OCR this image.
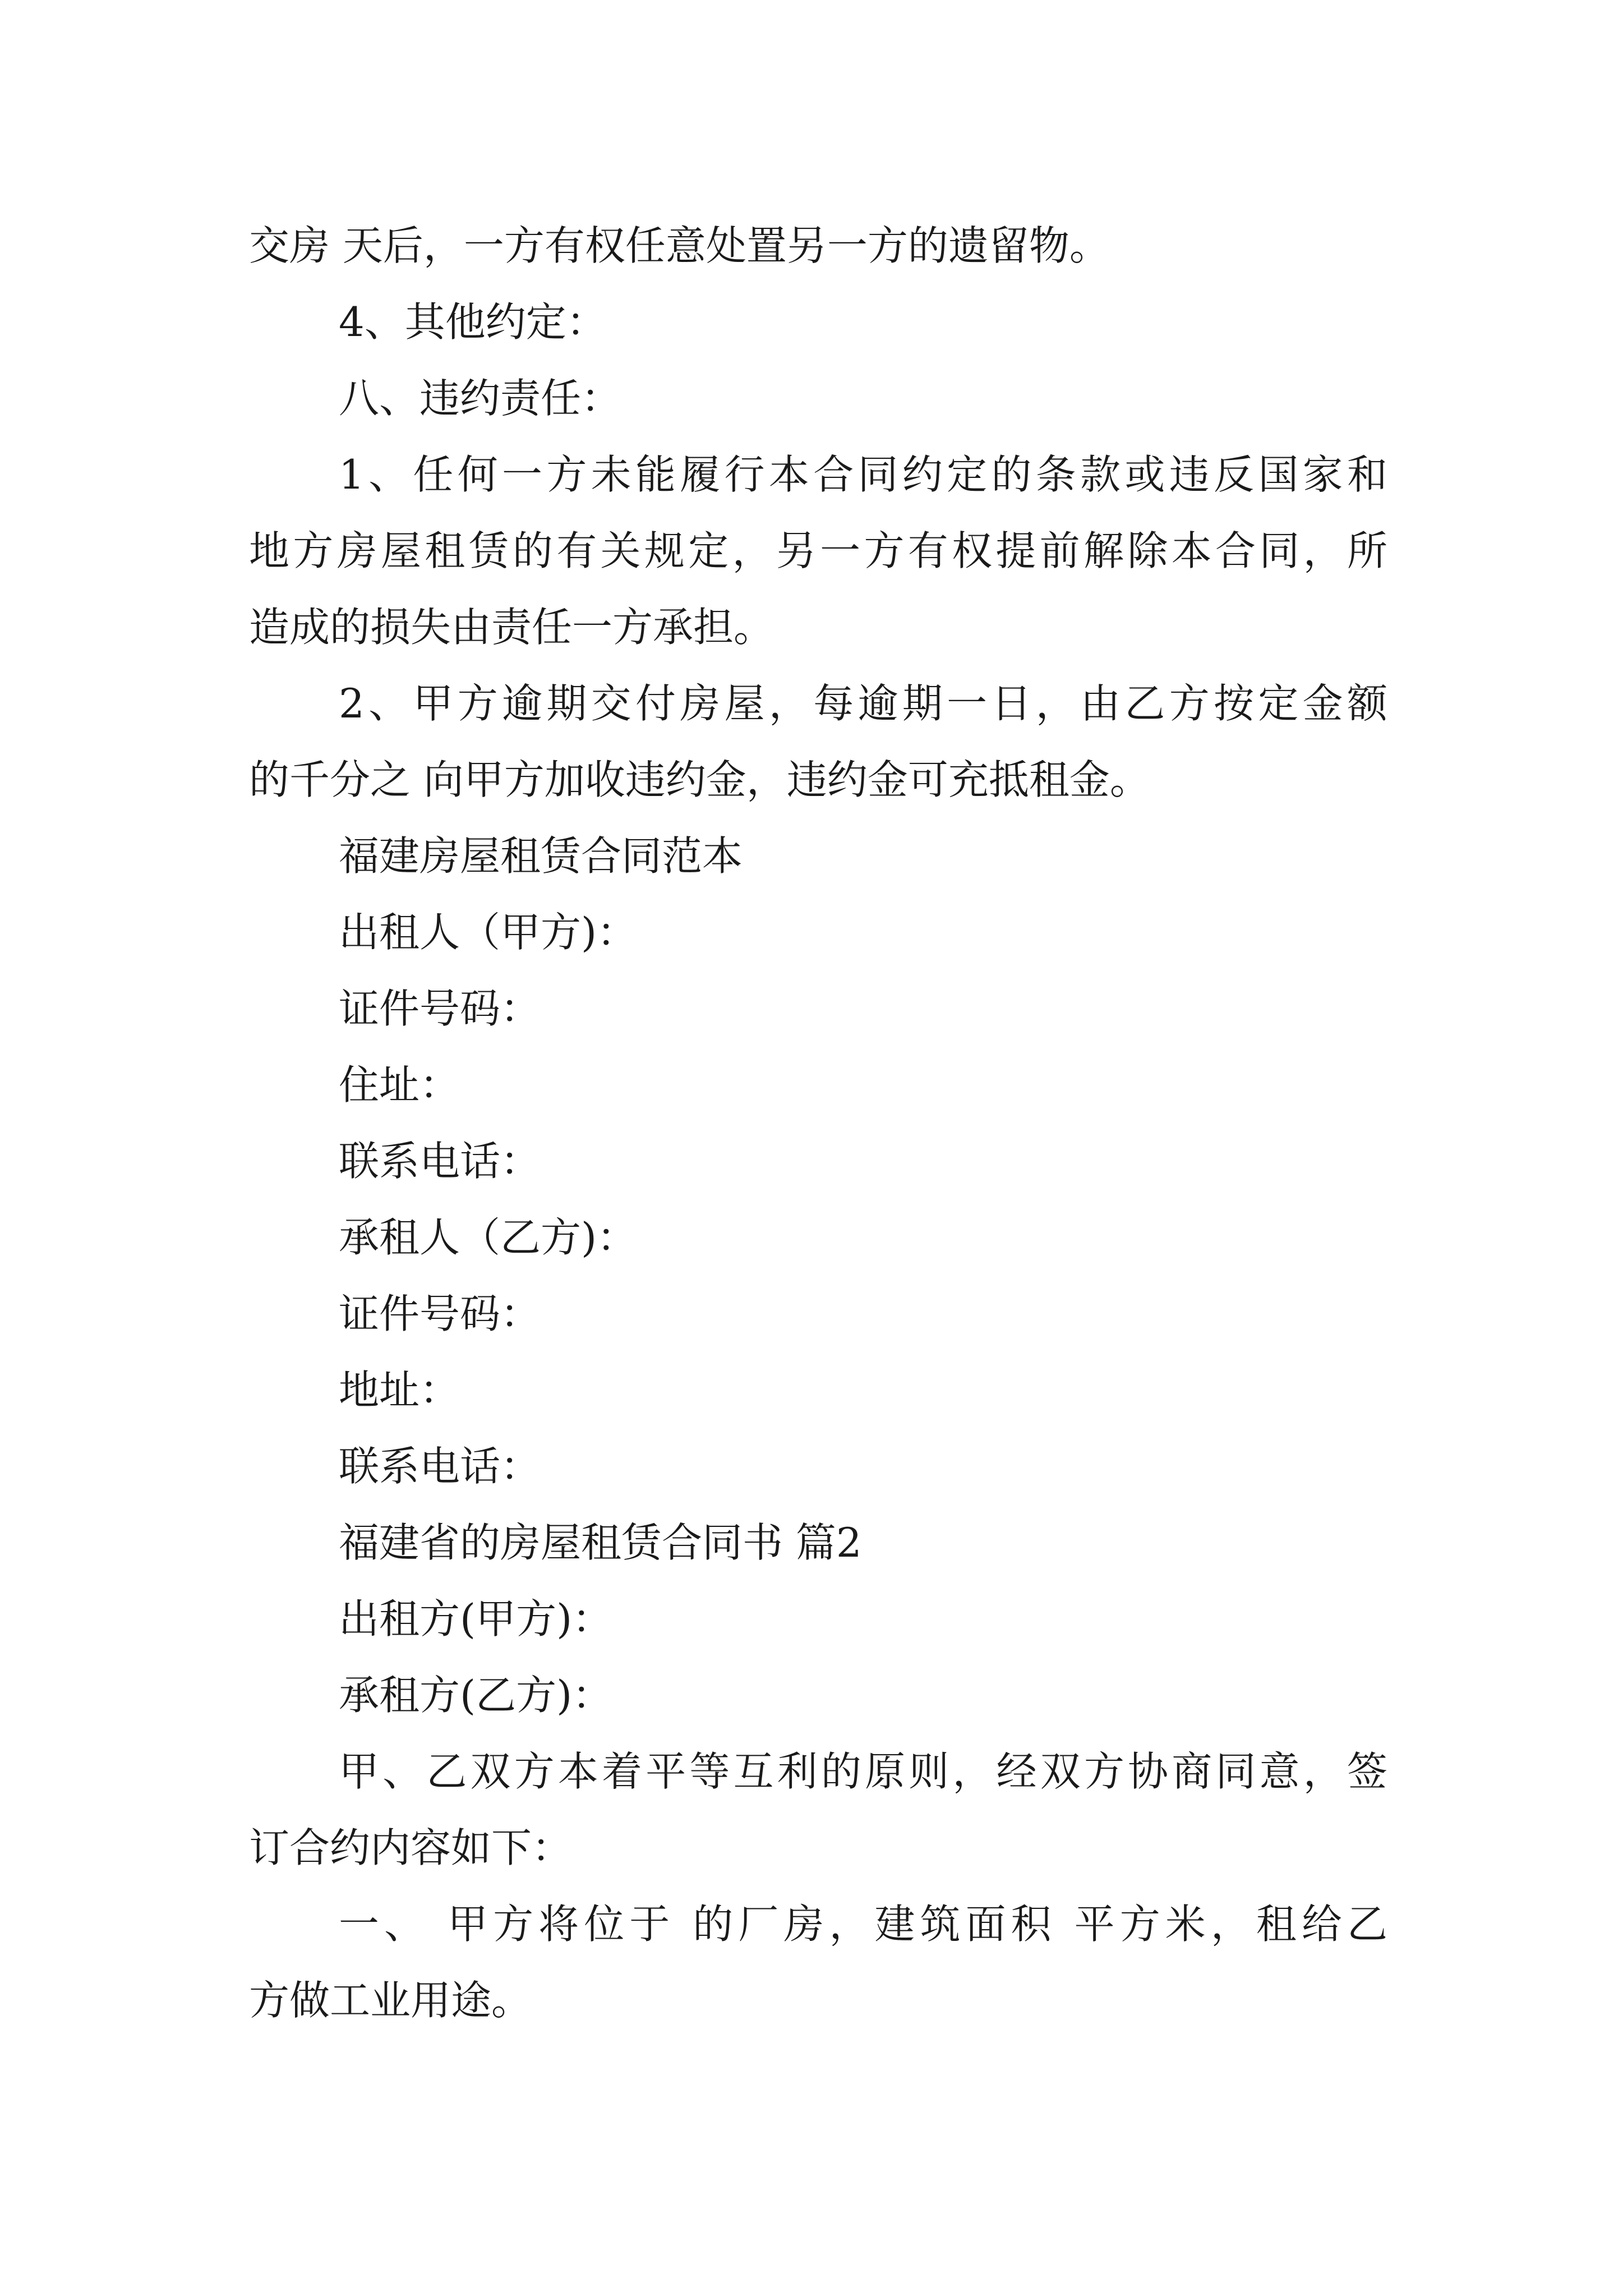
交房 天后，一方有权任意处置另一方的遗留物。
4、其他约定：
八、违约责任：
1、任何一方未能履行本合同约定的条款或违反国家和
地方房屋租赁的有关规定，另一方有权提前解除本合同，所
造成的损失由责任一方承担。
2、甲方逾期交付房屋，每逾期一日，由乙方按定金额
的千分之 向甲方加收违约金，违约金可充抵租金。
福建房屋租赁合同范本
出租人（甲方)：
证件号码：
住址：
联系电话：
承租人（乙方)：
证件号码：
地址：
联系电话：
福建省的房屋租赁合同书 篇2
出租方(甲方)：
承租方(乙方)：
甲、乙双方本着平等互利的原则，经双方协商同意，签
订合约内容如下：
一、 甲方将位于 的厂房，建筑面积 平方米，租给乙
方做工业用途。
